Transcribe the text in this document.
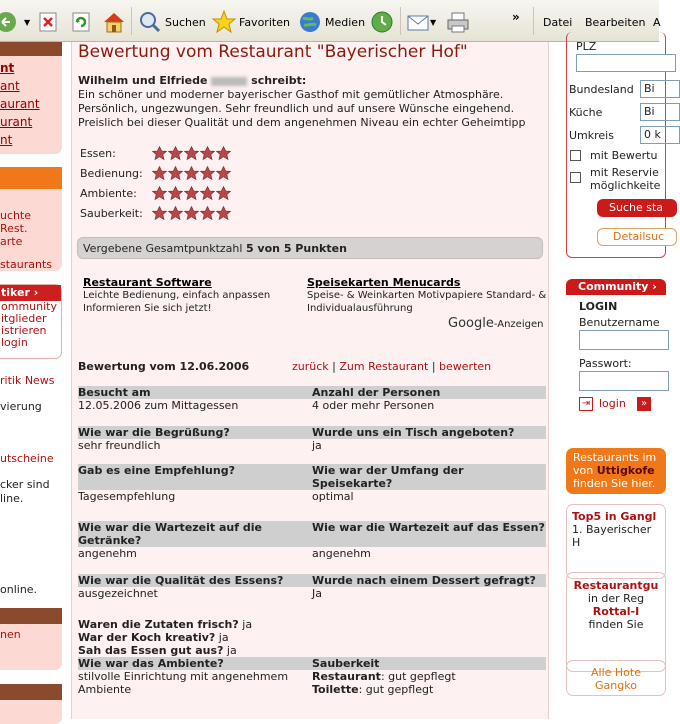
▼	Suchen	Favoriten	Medien	▼	» Datei Bearbeiten A
nt
ant
aurant
urant
nt
uchte Rest.
arte
staurants
tiker ›
ommunity
itglieder
istrieren
login
ritik News
vierung
utscheine
cker sind
line.
online.
nen
Bewertung vom Restaurant "Bayerischer Hof"
Wilhelm und Elfriede	schreibt:
Ein schöner und moderner bayerischer Gasthof mit gemütlicher Atmosphäre. Persönlich, ungezwungen. Sehr freundlich und auf unsere Wünsche eingehend. Preislich bei dieser Qualität und dem angenehmen Niveau ein echter Geheimtipp
Essen:
Bedienung:
Ambiente:
Sauberkeit:
Vergebene Gesamtpunktzahl 5 von 5 Punkten
Restaurant Software
Leichte Bedienung, einfach anpassen Informieren Sie sich jetzt!
Speisekarten Menucards
Speise- & Weinkarten Motivpapiere Standard- & Individualausführung
Google-Anzeigen
Bewertung vom 12.06.2006	zurück | Zum Restaurant | bewerten
Besucht am	Anzahl der Personen
12.05.2006 zum Mittagessen	4 oder mehr Personen
Wie war die Begrüßung?	Wurde uns ein Tisch angeboten?
sehr freundlich	ja
Gab es eine Empfehlung?	Wie war der Umfang der Speisekarte?
Tagesempfehlung	optimal
Wie war die Wartezeit auf die Getränke?
Wie war die Wartezeit auf das Essen?
angenehm	angenehm
Wie war die Qualität des Essens?	Wurde nach einem Dessert gefragt?
ausgezeichnet	Ja
Waren die Zutaten frisch? ja
War der Koch kreativ? ja
Sah das Essen gut aus? ja
Wie war das Ambiente?	Sauberkeit
stilvolle Einrichtung mit angenehmem Ambiente
Restaurant: gut gepflegt
Toilette: gut gepflegt
PLZ
Bundesland Bi
Küche	Bi
Umkreis	0 k
mit Bewertu
mit Reservie
möglichkeite
Suche sta
Detailsuc
Community ›
LOGIN
Benutzername
Passwort:
⇥ login	»
Restaurants im
von Uttigkofe
finden Sie hier.
Top5 in Gangl
1. Bayerischer H
Restaurantgu
in der Reg
Rottal-I
finden Sie
Alle Hote
Gangko
